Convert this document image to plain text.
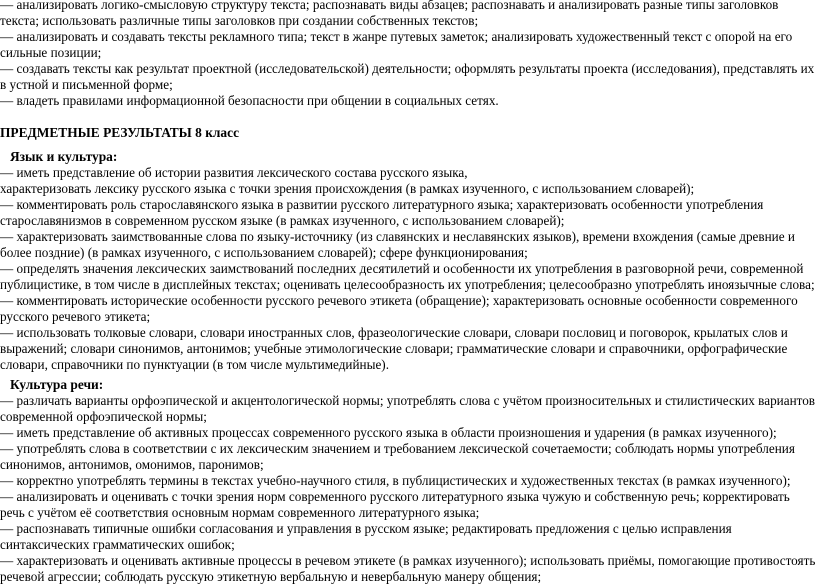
— анализировать логико-смысловую структуру текста; распознавать виды абзацев; распознавать и анализировать разные типы заголовков
текста; использовать различные типы заголовков при создании собственных текстов;
— анализировать и создавать тексты рекламного типа; текст в жанре путевых заметок; анализировать художественный текст с опорой на его
сильные позиции;
— создавать тексты как результат проектной (исследовательской) деятельности; оформлять результаты проекта (исследования), представлять их
в устной и письменной форме;
— владеть правилами информационной безопасности при общении в социальных сетях.
ПРЕДМЕТНЫЕ РЕЗУЛЬТАТЫ 8 класс
Язык и культура:
— иметь представление об истории развития лексического состава русского языка,
характеризовать лексику русского языка с точки зрения происхождения (в рамках изученного, с использованием словарей);
— комментировать роль старославянского языка в развитии русского литературного языка; характеризовать особенности употребления
старославянизмов в современном русском языке (в рамках изученного, с использованием словарей);
— характеризовать заимствованные слова по языку-источнику (из славянских и неславянских языков), времени вхождения (самые древние и
более поздние) (в рамках изученного, с использованием словарей); сфере функционирования;
— определять значения лексических заимствований последних десятилетий и особенности их употребления в разговорной речи, современной
публицистике, в том числе в дисплейных текстах; оценивать целесообразность их употребления; целесообразно употреблять иноязычные слова;
— комментировать исторические особенности русского речевого этикета (обращение); характеризовать основные особенности современного
русского речевого этикета;
— использовать толковые словари, словари иностранных слов, фразеологические словари, словари пословиц и поговорок, крылатых слов и
выражений; словари синонимов, антонимов; учебные этимологические словари; грамматические словари и справочники, орфографические
словари, справочники по пунктуации (в том числе мультимедийные).
Культура речи:
— различать варианты орфоэпической и акцентологической нормы; употреблять слова с учётом произносительных и стилистических вариантов
современной орфоэпической нормы;
— иметь представление об активных процессах современного русского языка в области произношения и ударения (в рамках изученного);
— употреблять слова в соответствии с их лексическим значением и требованием лексической сочетаемости; соблюдать нормы употребления
синонимов, антонимов, омонимов, паронимов;
— корректно употреблять термины в текстах учебно-научного стиля, в публицистических и художественных текстах (в рамках изученного);
— анализировать и оценивать с точки зрения норм современного русского литературного языка чужую и собственную речь; корректировать
речь с учётом её соответствия основным нормам современного литературного языка;
— распознавать типичные ошибки согласования и управления в русском языке; редактировать предложения с целью исправления
синтаксических грамматических ошибок;
— характеризовать и оценивать активные процессы в речевом этикете (в рамках изученного); использовать приёмы, помогающие противостоять
речевой агрессии; соблюдать русскую этикетную вербальную и невербальную манеру общения;
